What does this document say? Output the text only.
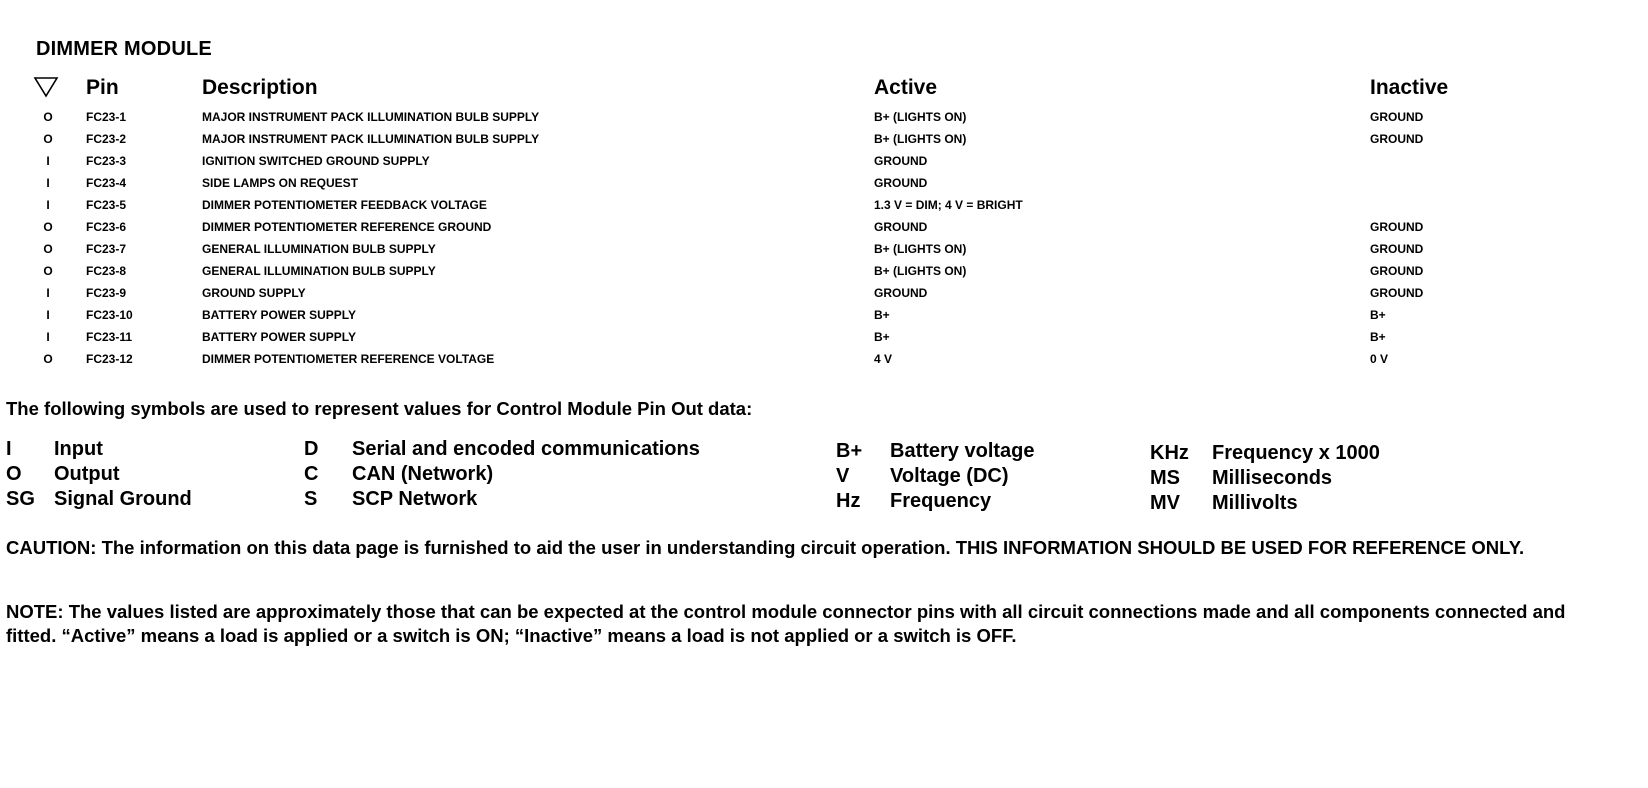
DIMMER MODULE
Pin	Description	Active	Inactive
O	FC23-1	MAJOR INSTRUMENT PACK ILLUMINATION BULB SUPPLY	B+ (LIGHTS ON)	GROUND
O	FC23-2	MAJOR INSTRUMENT PACK ILLUMINATION BULB SUPPLY	B+ (LIGHTS ON)	GROUND
I	FC23-3	IGNITION SWITCHED GROUND SUPPLY	GROUND
I	FC23-4	SIDE LAMPS ON REQUEST	GROUND
I	FC23-5	DIMMER POTENTIOMETER FEEDBACK VOLTAGE	1.3 V = DIM; 4 V = BRIGHT
O	FC23-6	DIMMER POTENTIOMETER REFERENCE GROUND	GROUND	GROUND
O	FC23-7	GENERAL ILLUMINATION BULB SUPPLY	B+ (LIGHTS ON)	GROUND
O	FC23-8	GENERAL ILLUMINATION BULB SUPPLY	B+ (LIGHTS ON)	GROUND
I	FC23-9	GROUND SUPPLY	GROUND	GROUND
I	FC23-10	BATTERY POWER SUPPLY	B+	B+
I	FC23-11	BATTERY POWER SUPPLY	B+	B+
O	FC23-12	DIMMER POTENTIOMETER REFERENCE VOLTAGE	4 V	0 V
The following symbols are used to represent values for Control Module Pin Out data:
I Input
O Output
SG Signal Ground
D Serial and encoded communications
C CAN (Network)
S SCP Network
B+ Battery voltage
V Voltage (DC)
Hz Frequency
KHz Frequency x 1000
MS Milliseconds
MV Millivolts
CAUTION: The information on this data page is furnished to aid the user in understanding circuit operation. THIS INFORMATION SHOULD BE USED FOR REFERENCE ONLY.
NOTE: The values listed are approximately those that can be expected at the control module connector pins with all circuit connections made and all components connected and fitted. “Active” means a load is applied or a switch is ON; “Inactive” means a load is not applied or a switch is OFF.
